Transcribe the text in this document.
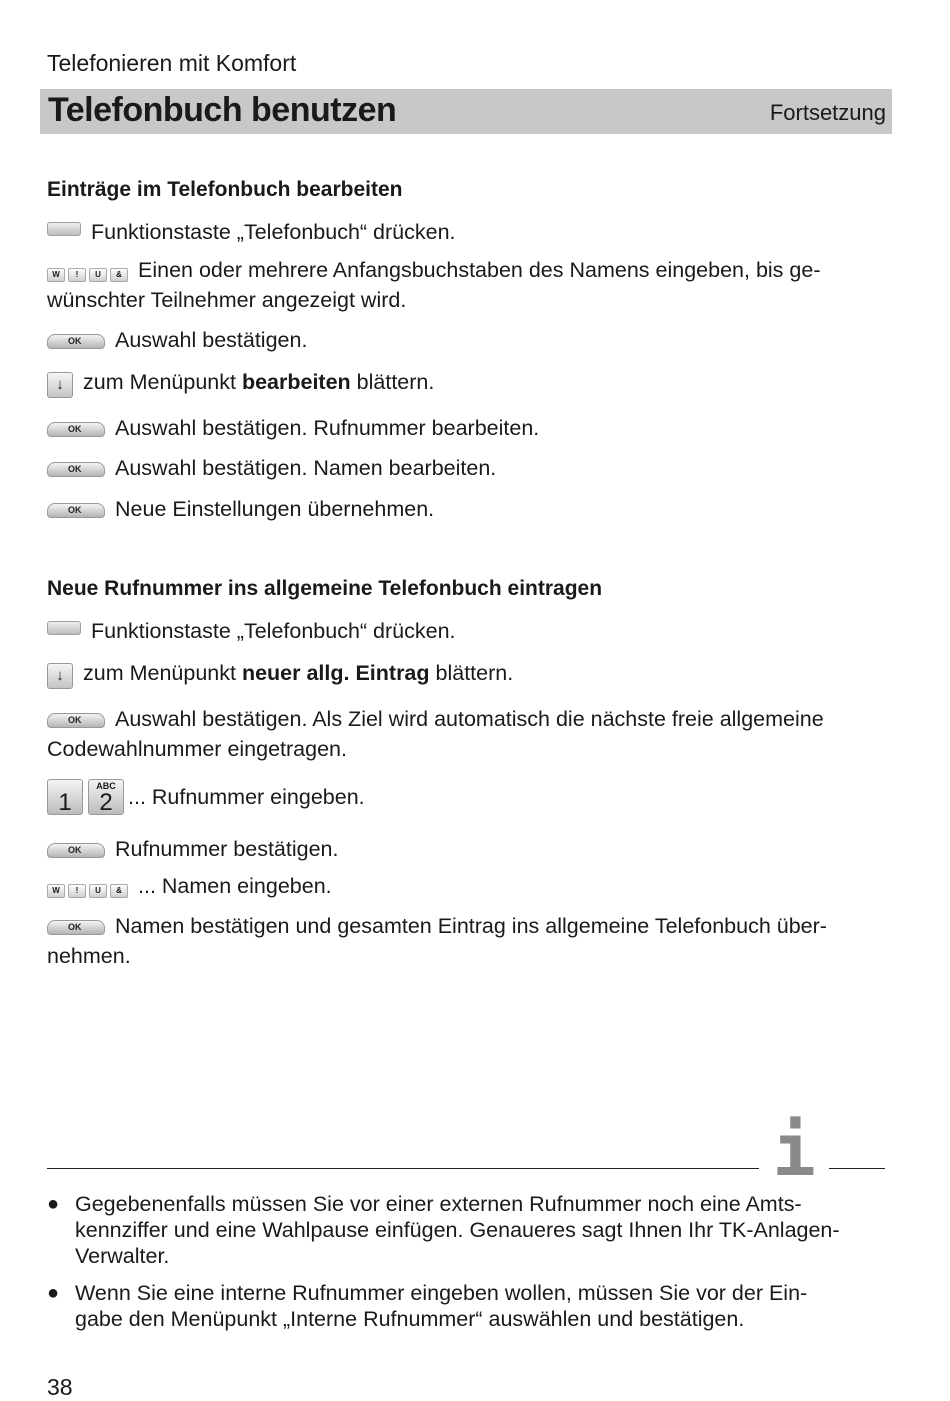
Telefonieren mit Komfort
Telefonbuch benutzen	Fortsetzung
Einträge im Telefonbuch bearbeiten
Funktionstaste „Telefonbuch“ drücken.
W	!	U	& Einen oder mehrere Anfangsbuchstaben des Namens eingeben, bis ge-
wünschter Teilnehmer angezeigt wird.
OK Auswahl bestätigen.
↓ zum Menüpunkt bearbeiten blättern.
OK Auswahl bestätigen. Rufnummer bearbeiten.
OK Auswahl bestätigen. Namen bearbeiten.
OK Neue Einstellungen übernehmen.
Neue Rufnummer ins allgemeine Telefonbuch eintragen
Funktionstaste „Telefonbuch“ drücken.
↓ zum Menüpunkt neuer allg. Eintrag blättern.
OK Auswahl bestätigen. Als Ziel wird automatisch die nächste freie allgemeine
Codewahlnummer eingetragen.
1
ABC
2 ... Rufnummer eingeben.
OK Rufnummer bestätigen.
W	!	U	& ... Namen eingeben.
OK Namen bestätigen und gesamten Eintrag ins allgemeine Telefonbuch über-
nehmen.
i
● Gegebenenfalls müssen Sie vor einer externen Rufnummer noch eine Amts-
kennziffer und eine Wahlpause einfügen. Genaueres sagt Ihnen Ihr TK-Anlagen-
Verwalter.
● Wenn Sie eine interne Rufnummer eingeben wollen, müssen Sie vor der Ein-
gabe den Menüpunkt „Interne Rufnummer“ auswählen und bestätigen.
38
